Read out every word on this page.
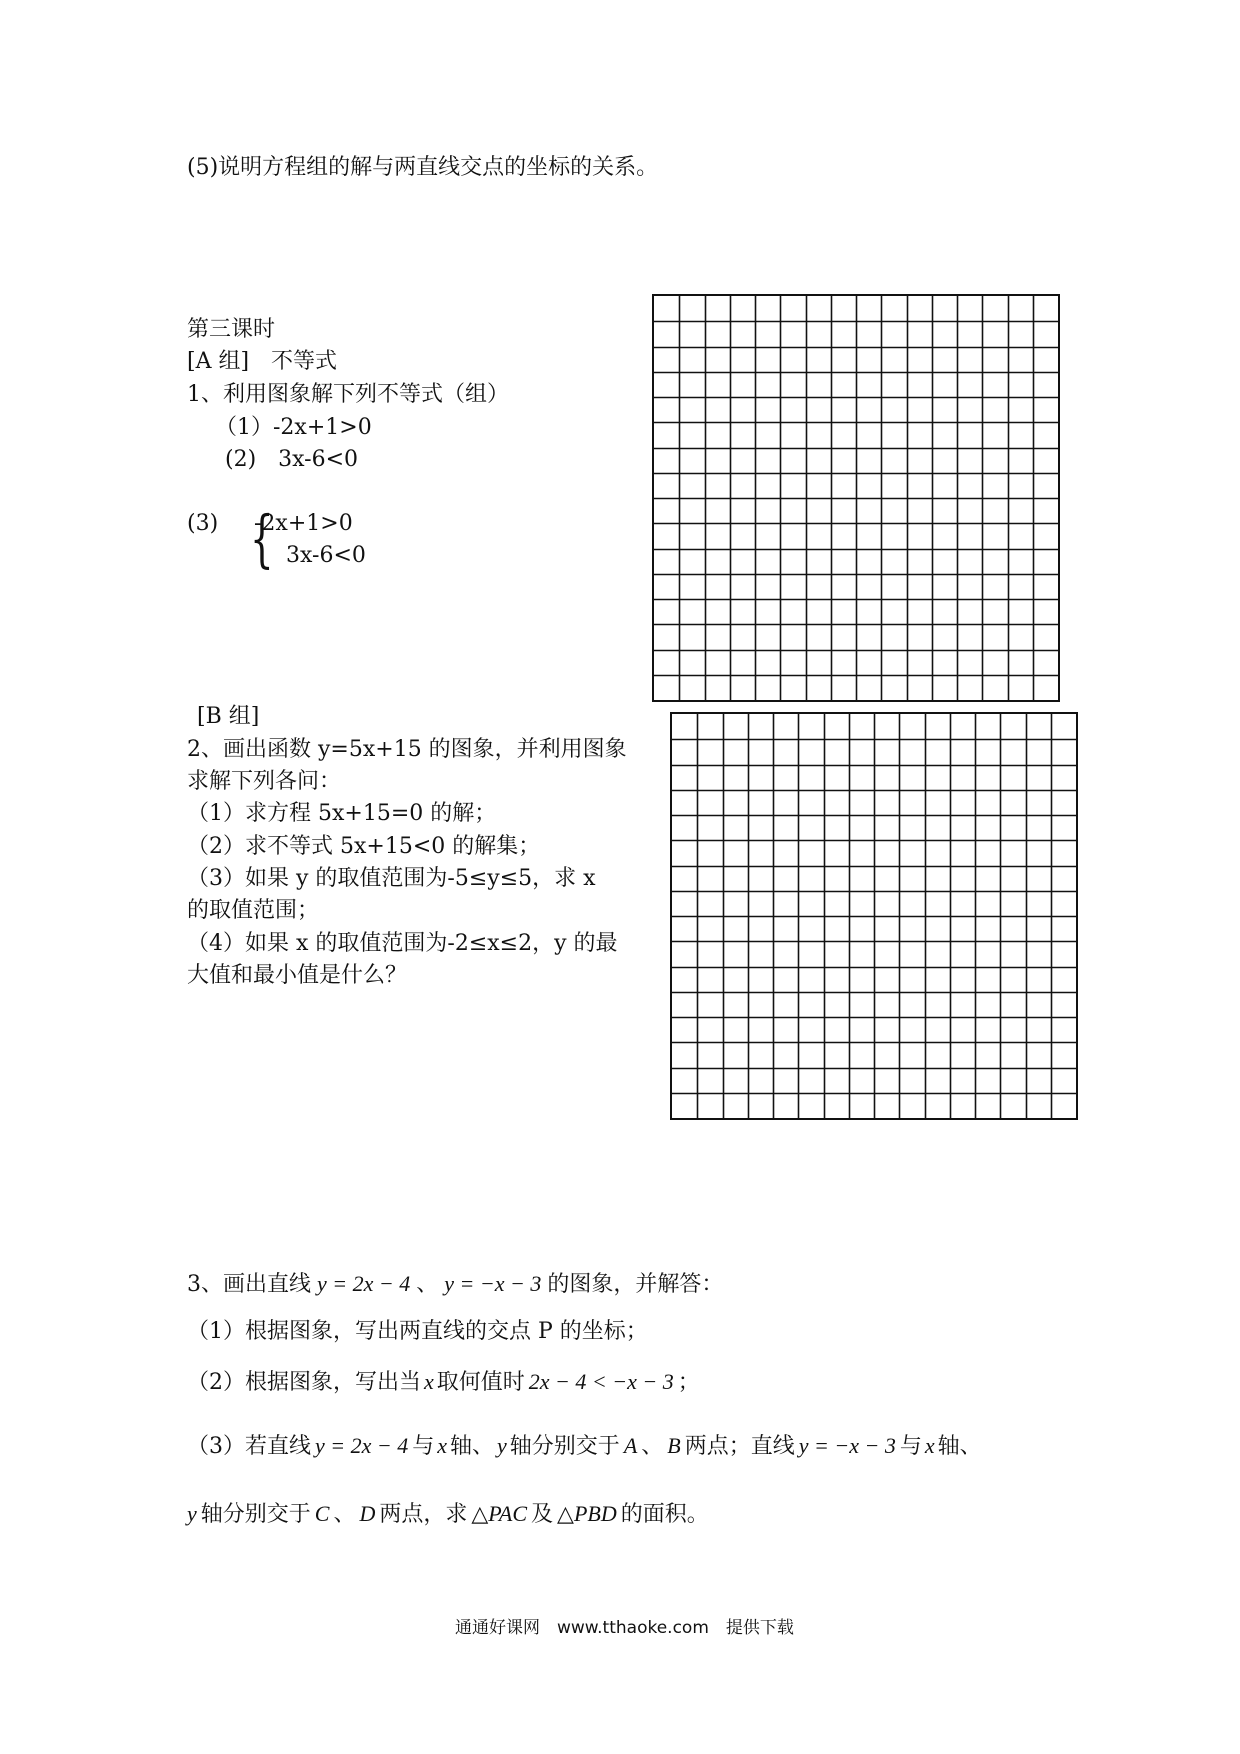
(5)说明方程组的解与两直线交点的坐标的关系。
第三课时
[A 组]　不等式
1、利用图象解下列不等式（组）
（1）-2x+1>0
(2)　3x-6<0
(3) {
-2x+1>0
3x-6<0
[B 组]
2、画出函数 y=5x+15 的图象，并利用图象
求解下列各问：
（1）求方程 5x+15=0 的解；
（2）求不等式 5x+15<0 的解集；
（3）如果 y 的取值范围为-5≤y≤5，求 x
的取值范围；
（4）如果 x 的取值范围为-2≤x≤2，y 的最
大值和最小值是什么？
3、画出直线 y = 2x − 4 、 y = −x − 3 的图象，并解答：
（1）根据图象，写出两直线的交点 P 的坐标；
（2）根据图象，写出当 x 取何值时 2x − 4 < −x − 3 ；
（3）若直线 y = 2x − 4 与 x 轴、 y 轴分别交于 A 、 B 两点；直线 y = −x − 3 与 x 轴、
y 轴分别交于 C 、 D 两点，求 △PAC 及 △PBD 的面积。
通通好课网　www.tthaoke.com　提供下载
